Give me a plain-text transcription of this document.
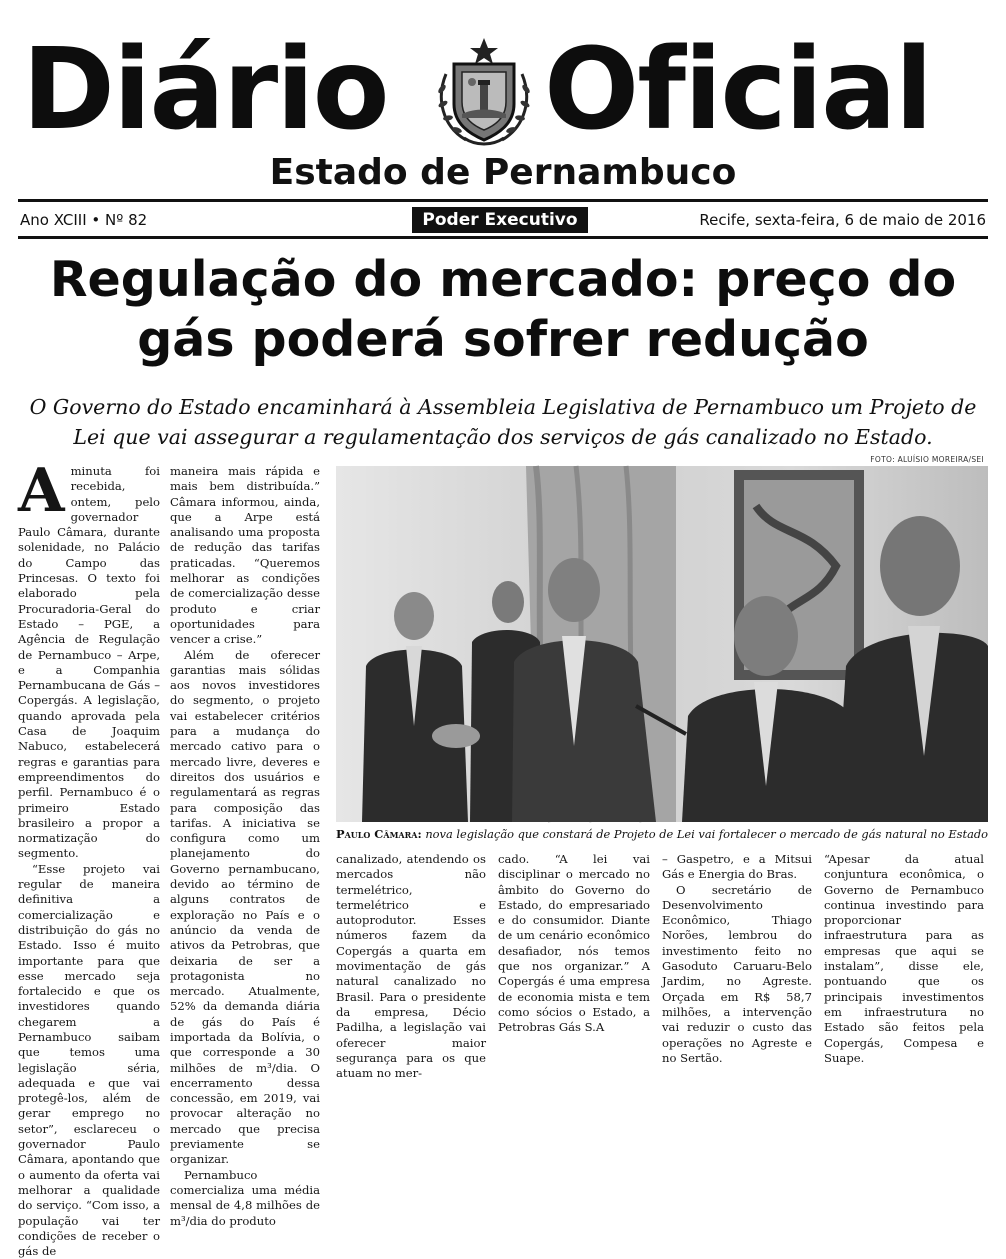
Diário Oficial
Estado de Pernambuco
Ano XCIII • Nº 82	Poder Executivo	Recife, sexta-feira, 6 de maio de 2016
Regulação do mercado: preço do gás poderá sofrer redução

O Governo do Estado encaminhará à Assembleia Legislativa de Pernambuco um Projeto de Lei que vai assegurar a regulamentação dos serviços de gás canalizado no Estado.

A minuta foi recebida, ontem, pelo governador Paulo Câmara, durante solenidade, no Palácio do Campo das Princesas. O texto foi elaborado pela Procuradoria-Geral do Estado – PGE, a Agência de Regulação de Pernambuco – Arpe, e a Companhia Pernambucana de Gás – Copergás. A legislação, quando aprovada pela Casa de Joaquim Nabuco, estabelecerá regras e garantias para empreendimentos do perfil. Pernambuco é o primeiro Estado brasileiro a propor a normatização do segmento.

“Esse projeto vai regular de maneira definitiva a comercialização e distribuição do gás no Estado. Isso é muito importante para que esse mercado seja fortalecido e que os investidores quando chegarem a Pernambuco saibam que temos uma legislação séria, adequada e que vai protegê-los, além de gerar emprego no setor”, esclareceu o governador Paulo Câmara, apontando que o aumento da oferta vai melhorar a qualidade do serviço. “Com isso, a população vai ter condições de receber o gás de

maneira mais rápida e mais bem distribuída.” Câmara informou, ainda, que a Arpe está analisando uma proposta de redução das tarifas praticadas. “Queremos melhorar as condições de comercialização desse produto e criar oportunidades para vencer a crise.”

Além de oferecer garantias mais sólidas aos novos investidores do segmento, o projeto vai estabelecer critérios para a mudança do mercado cativo para o mercado livre, deveres e direitos dos usuários e regulamentará as regras para composição das tarifas. A iniciativa se configura como um planejamento do Governo pernambucano, devido ao término de alguns contratos de exploração no País e o anúncio da venda de ativos da Petrobras, que deixaria de ser a protagonista no mercado. Atualmente, 52% da demanda diária de gás do País é importada da Bolívia, o que corresponde a 30 milhões de m³/dia. O encerramento dessa concessão, em 2019, vai provocar alteração no mercado que precisa previamente se organizar.

Pernambuco comercializa uma média mensal de 4,8 milhões de m³/dia do produto

FOTO: ALUÍSIO MOREIRA/SEI
Paulo Câmara: nova legislação que constará de Projeto de Lei vai fortalecer o mercado de gás natural no Estado

canalizado, atendendo os mercados não termelétrico, termelétrico e autoprodutor. Esses números fazem da Copergás a quarta em movimentação de gás natural canalizado no Brasil. Para o presidente da empresa, Décio Padilha, a legislação vai oferecer maior segurança para os que atuam no mer-

cado. “A lei vai disciplinar o mercado no âmbito do Governo do Estado, do empresariado e do consumidor. Diante de um cenário econômico desafiador, nós temos que nos organizar.” A Copergás é uma empresa de economia mista e tem como sócios o Estado, a Petrobras Gás S.A

– Gaspetro, e a Mitsui Gás e Energia do Bras.

O secretário de Desenvolvimento Econômico, Thiago Norões, lembrou do investimento feito no Gasoduto Caruaru-Belo Jardim, no Agreste. Orçada em R$ 58,7 milhões, a intervenção vai reduzir o custo das operações no Agreste e no Sertão.

“Apesar da atual conjuntura econômica, o Governo de Pernambuco continua investindo para proporcionar infraestrutura para as empresas que aqui se instalam”, disse ele, pontuando que os principais investimentos em infraestrutura no Estado são feitos pela Copergás, Compesa e Suape.
